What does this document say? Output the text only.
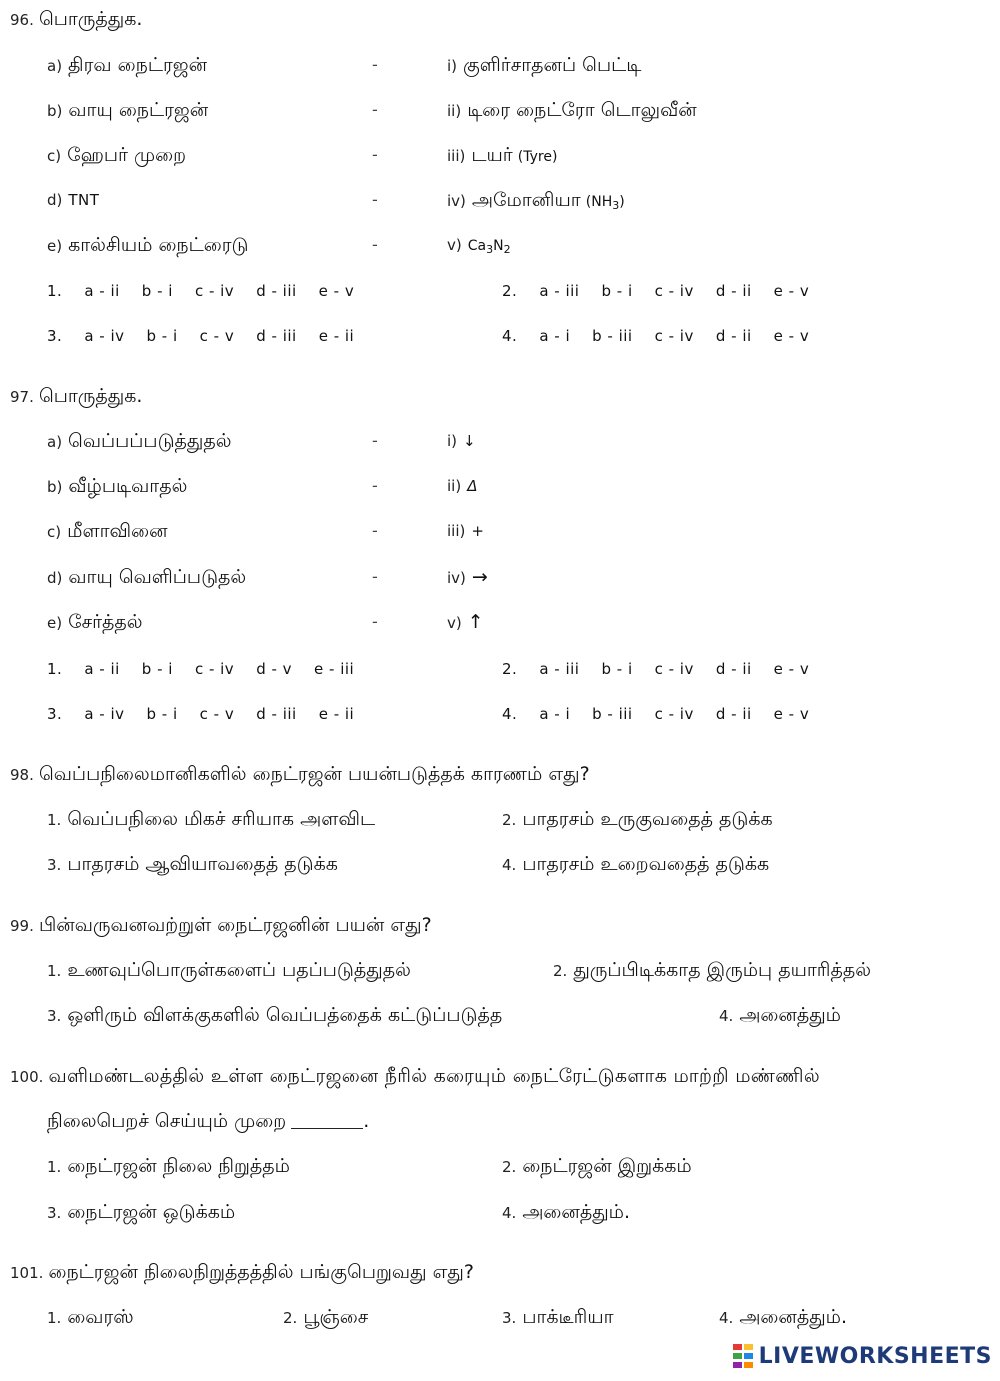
96. பொருத்துக.
a) திரவ நைட்ரஜன்	-	i) குளிர்சாதனப் பெட்டி
b) வாயு நைட்ரஜன்	-	ii) டிரை நைட்ரோ டொலுவீன்
c) ஹேபர் முறை	-	iii) டயர் (Tyre)
d) TNT	-	iv) அமோனியா $(NH_3)$
e) கால்சியம் நைட்ரைடு	-	v) $Ca_3N_2$
1. a - ii b - i c - iv d - iii e - v	2. a - iii b - i c - iv d - ii e - v
3. a - iv b - i c - v d - iii e - ii	4. a - i b - iii c - iv d - ii e - v
97. பொருத்துக.
a) வெப்பப்படுத்துதல்	-	i) ↓
b) வீழ்படிவாதல்	-	ii) Δ
c) மீளாவினை	-	iii) +
d) வாயு வெளிப்படுதல்	-	iv) →
e) சேர்த்தல்	-	v) ↑
1. a - ii b - i c - iv d - v e - iii	2. a - iii b - i c - iv d - ii e - v
3. a - iv b - i c - v d - iii e - ii	4. a - i b - iii c - iv d - ii e - v
98. வெப்பநிலைமானிகளில் நைட்ரஜன் பயன்படுத்தக் காரணம் எது?
1. வெப்பநிலை மிகச் சரியாக அளவிட	2. பாதரசம் உருகுவதைத் தடுக்க
3. பாதரசம் ஆவியாவதைத் தடுக்க	4. பாதரசம் உறைவதைத் தடுக்க
99. பின்வருவனவற்றுள் நைட்ரஜனின் பயன் எது?
1. உணவுப்பொருள்களைப் பதப்படுத்துதல்	2. துருப்பிடிக்காத இரும்பு தயாரித்தல்
3. ஒளிரும் விளக்குகளில் வெப்பத்தைக் கட்டுப்படுத்த	4. அனைத்தும்
100. வளிமண்டலத்தில் உள்ள நைட்ரஜனை நீரில் கரையும் நைட்ரேட்டுகளாக மாற்றி மண்ணில்
நிலைபெறச் செய்யும் முறை	.
1. நைட்ரஜன் நிலை நிறுத்தம்	2. நைட்ரஜன் இறுக்கம்
3. நைட்ரஜன் ஒடுக்கம்	4. அனைத்தும்.
101. நைட்ரஜன் நிலைநிறுத்தத்தில் பங்குபெறுவது எது?
1. வைரஸ்	2. பூஞ்சை	3. பாக்டீரியா	4. அனைத்தும்.
LIVEWORKSHEETS
